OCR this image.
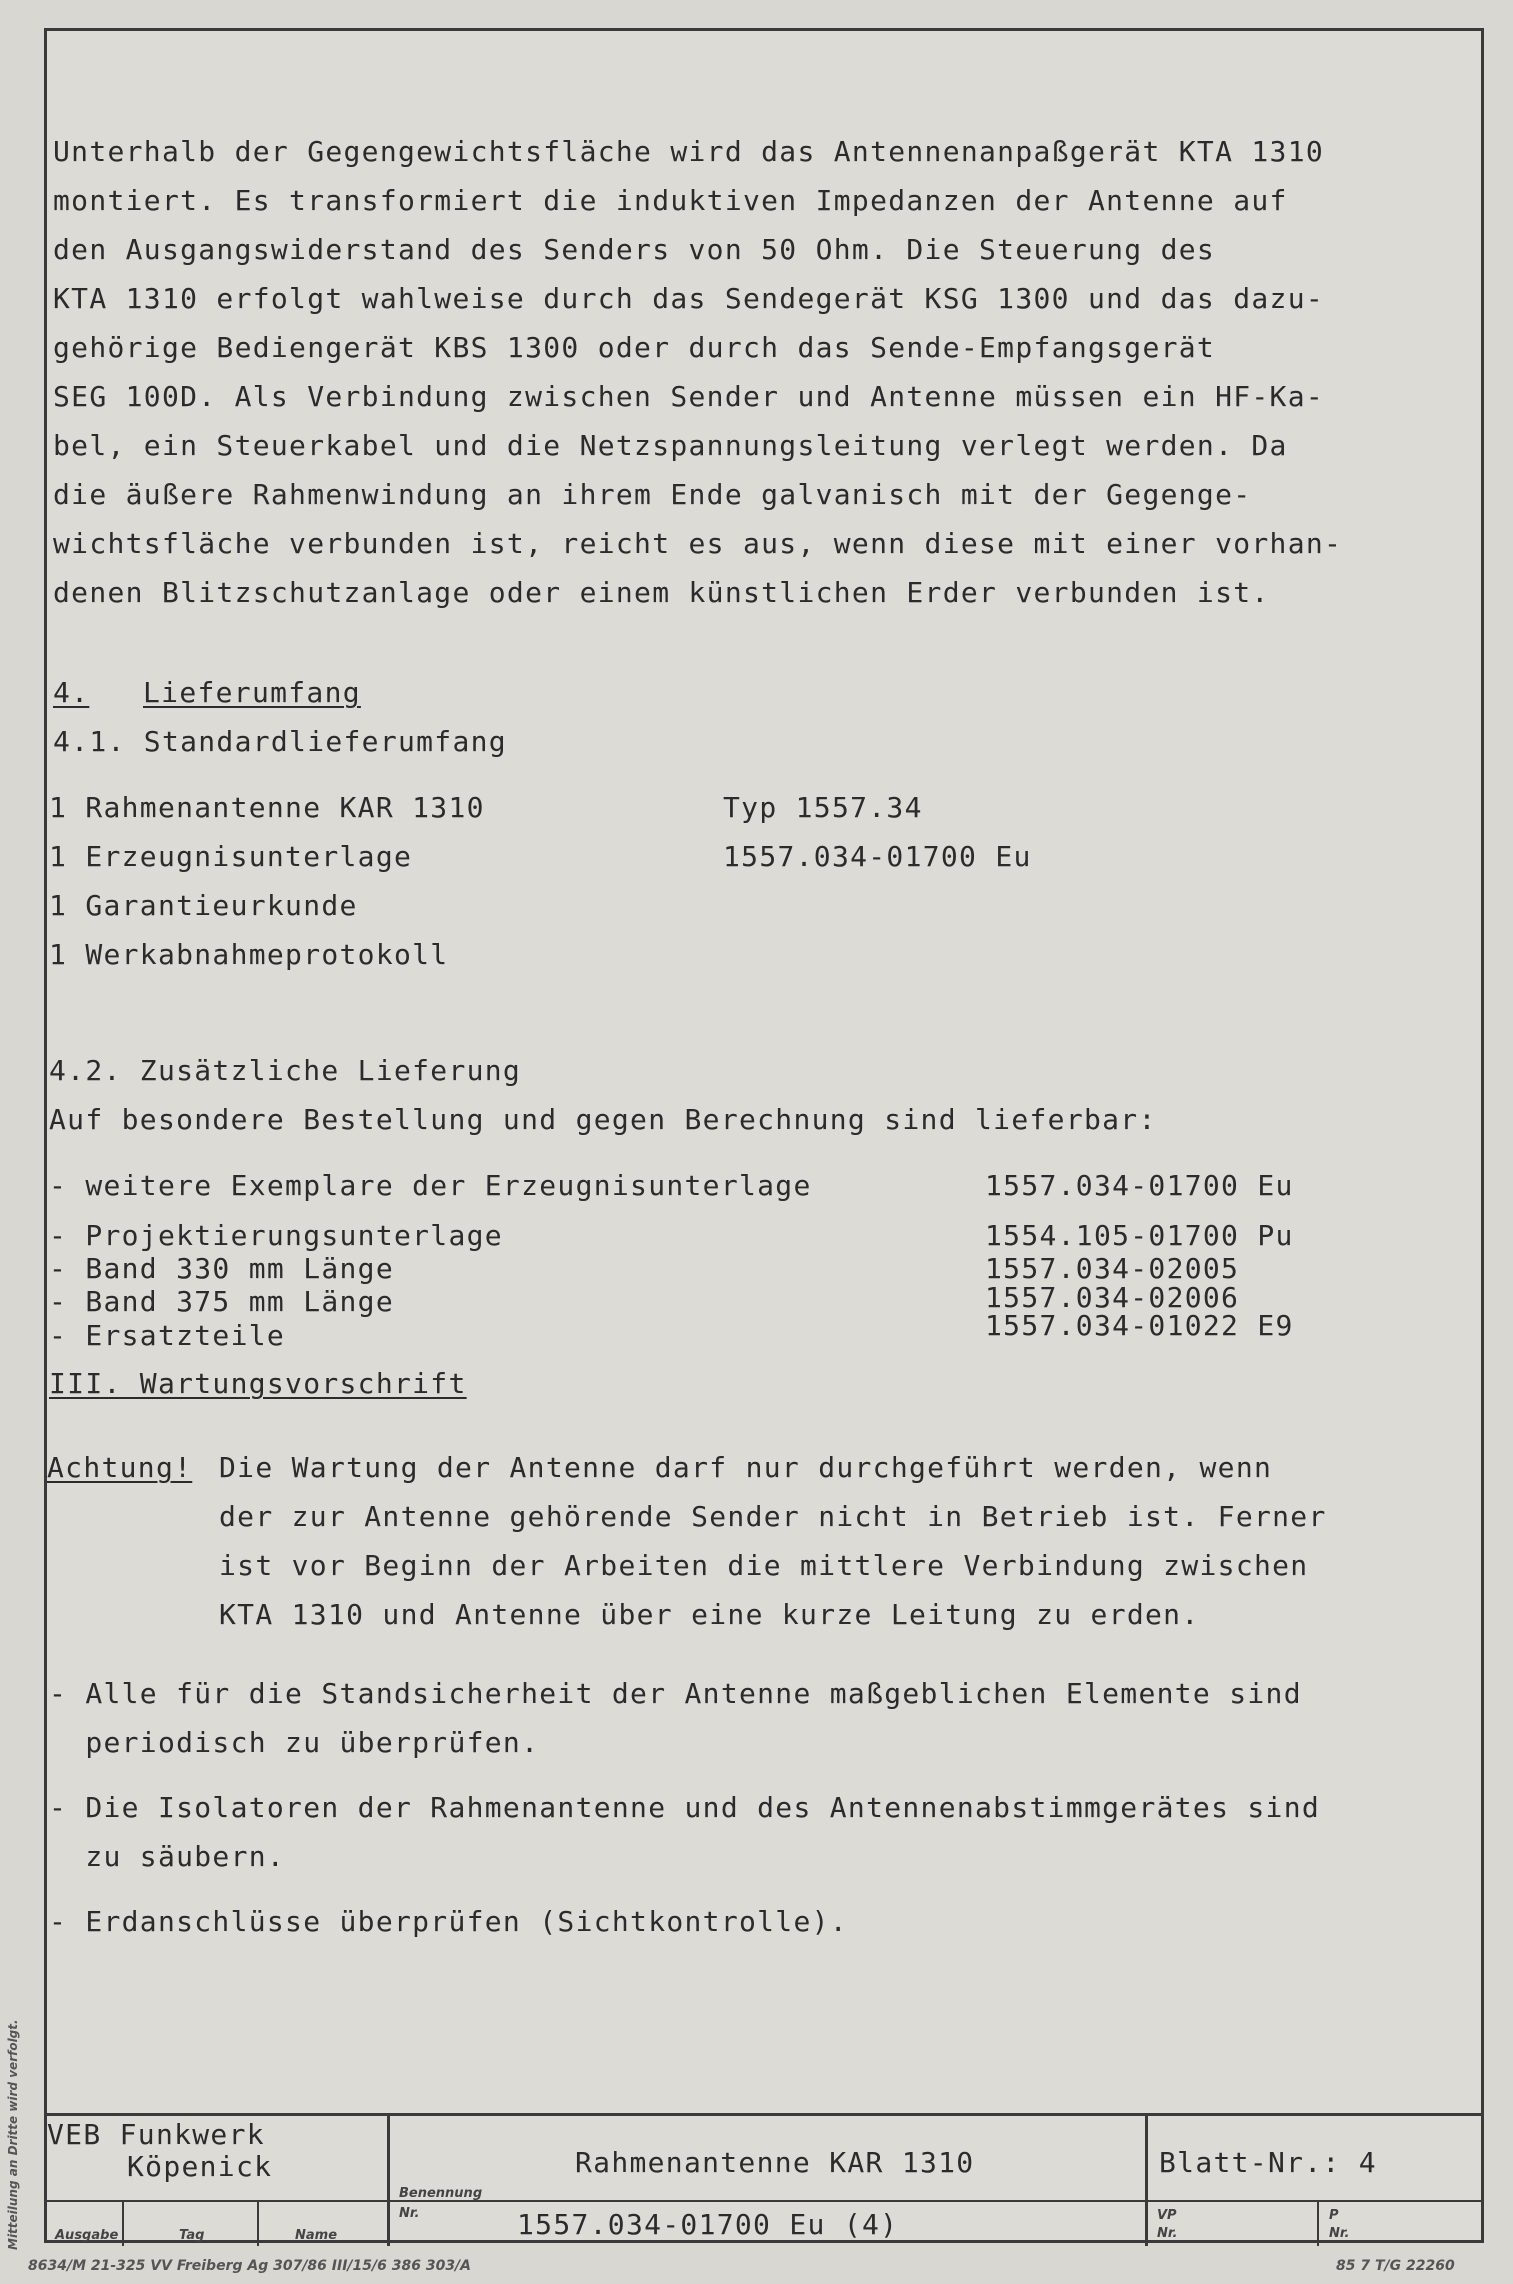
Mitteilung an Dritte wird verfolgt.
Unterhalb der Gegengewichtsfläche wird das Antennenanpaßgerät KTA 1310
montiert. Es transformiert die induktiven Impedanzen der Antenne auf
den Ausgangswiderstand des Senders von 50 Ohm. Die Steuerung des
KTA 1310 erfolgt wahlweise durch das Sendegerät KSG 1300 und das dazu-
gehörige Bediengerät KBS 1300 oder durch das Sende-Empfangsgerät
SEG 100D. Als Verbindung zwischen Sender und Antenne müssen ein HF-Ka-
bel, ein Steuerkabel und die Netzspannungsleitung verlegt werden. Da
die äußere Rahmenwindung an ihrem Ende galvanisch mit der Gegenge-
wichtsfläche verbunden ist, reicht es aus, wenn diese mit einer vorhan-
denen Blitzschutzanlage oder einem künstlichen Erder verbunden ist.
4. Lieferumfang
4.1. Standardlieferumfang
1 Rahmenantenne KAR 1310	Typ 1557.34
1 Erzeugnisunterlage	1557.034-01700 Eu
1 Garantieurkunde
1 Werkabnahmeprotokoll
4.2. Zusätzliche Lieferung
Auf besondere Bestellung und gegen Berechnung sind lieferbar:
- weitere Exemplare der Erzeugnisunterlage	1557.034-01700 Eu
- Projektierungsunterlage	1554.105-01700 Pu
- Band 330 mm Länge	1557.034-02005
- Band 375 mm Länge	1557.034-02006
- Ersatzteile	1557.034-01022 E9
III. Wartungsvorschrift
Achtung! Die Wartung der Antenne darf nur durchgeführt werden, wenn
der zur Antenne gehörende Sender nicht in Betrieb ist. Ferner
ist vor Beginn der Arbeiten die mittlere Verbindung zwischen
KTA 1310 und Antenne über eine kurze Leitung zu erden.
- Alle für die Standsicherheit der Antenne maßgeblichen Elemente sind
periodisch zu überprüfen.
- Die Isolatoren der Rahmenantenne und des Antennenabstimmgerätes sind
zu säubern.
- Erdanschlüsse überprüfen (Sichtkontrolle).
VEB Funkwerk
Köpenick
Benennung
Rahmenantenne KAR 1310
Nr.	1557.034-01700 Eu (4)
Blatt-Nr.: 4
Ausgabe	Tag	Name
VP
Nr.
P
Nr.
8634/M 21-325 VV Freiberg Ag 307/86 III/15/6 386 303/A	85 7 T/G 22260
